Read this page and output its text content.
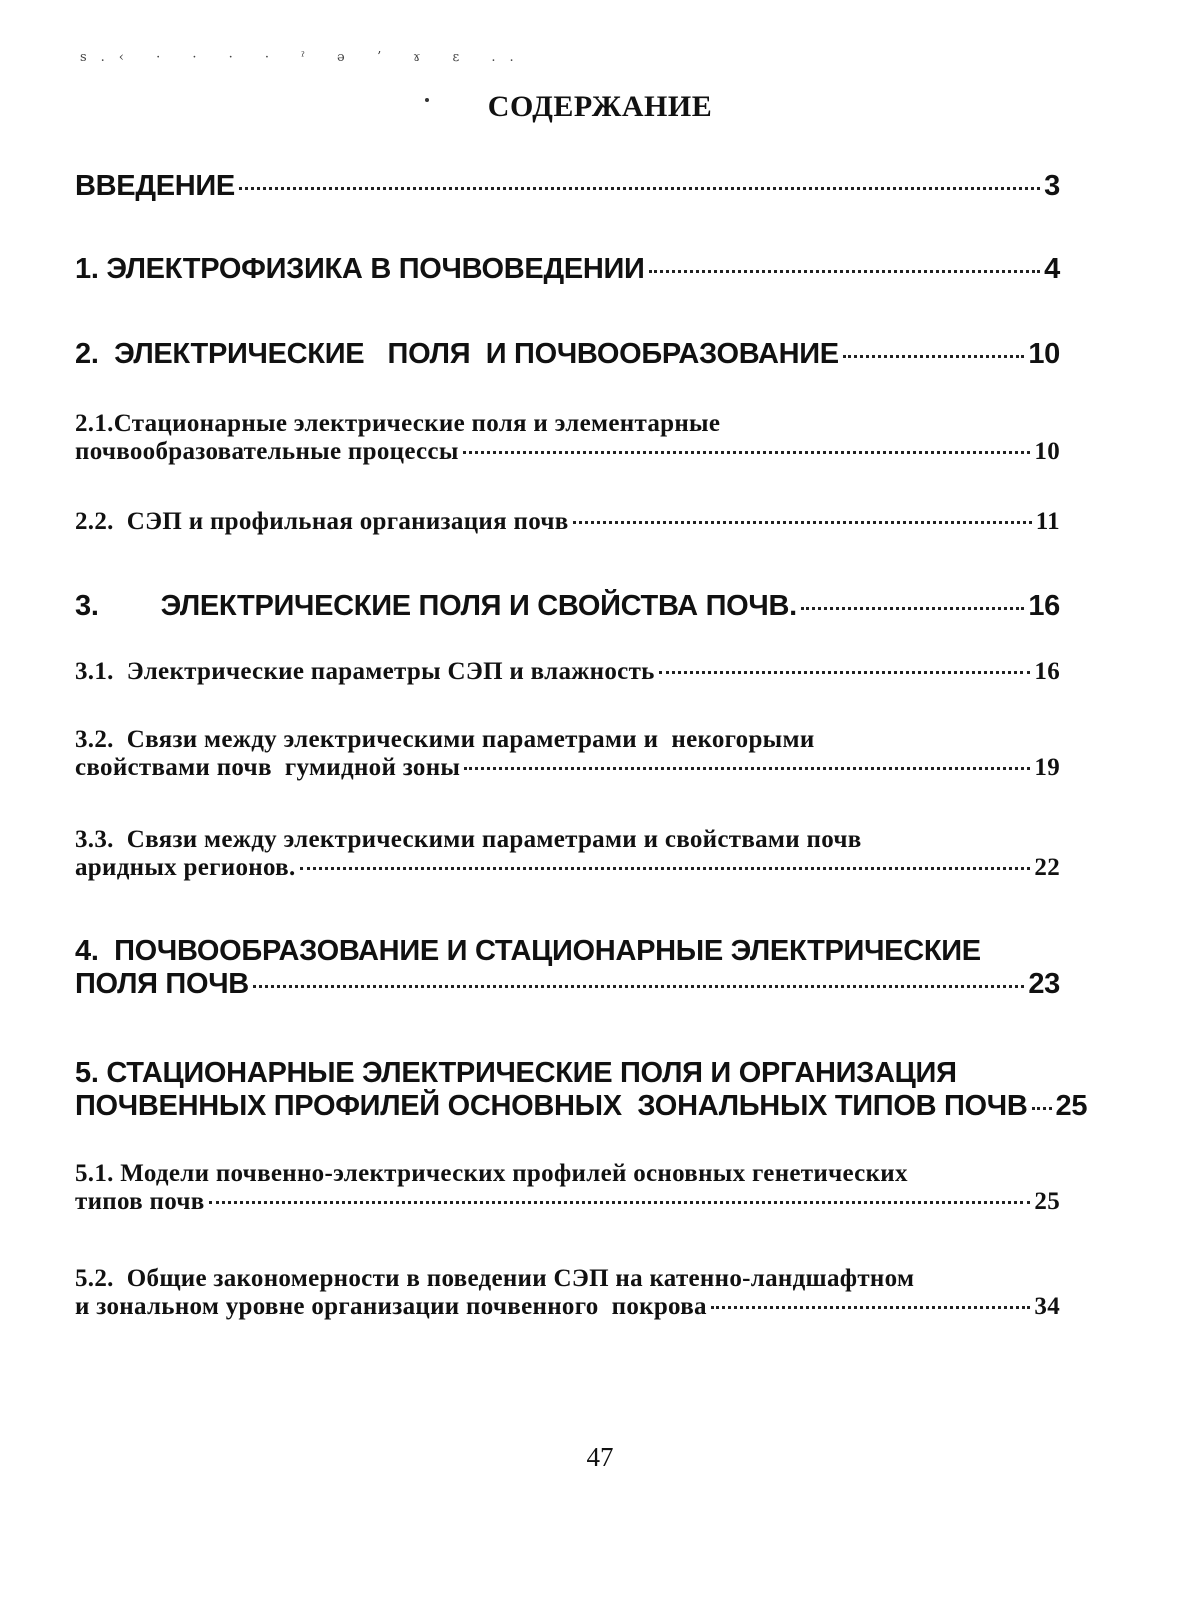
s.‹ · · · · ˀ ǝ ʼ ɤ ε ..
СОДЕРЖАНИЕ
ВВЕДЕНИЕ	3
1. ЭЛЕКТРОФИЗИКА В ПОЧВОВЕДЕНИИ	4
2.  ЭЛЕКТРИЧЕСКИЕ   ПОЛЯ  И ПОЧВООБРАЗОВАНИЕ	10
2.1.Стационарные электрические поля и элементарные
почвообразовательные процессы	10
2.2.  СЭП и профильная организация почв	11
3. ЭЛЕКТРИЧЕСКИЕ ПОЛЯ И СВОЙСТВА ПОЧВ.	16
3.1.  Электрические параметры СЭП и влажность	16
3.2.  Связи между электрическими параметрами и  некогорыми
свойствами почв  гумидной зоны	19
3.3.  Связи между электрическими параметрами и свойствами почв
аридных регионов.	22
4.  ПОЧВООБРАЗОВАНИЕ И СТАЦИОНАРНЫЕ ЭЛЕКТРИЧЕСКИЕ
ПОЛЯ ПОЧВ	23
5. СТАЦИОНАРНЫЕ ЭЛЕКТРИЧЕСКИЕ ПОЛЯ И ОРГАНИЗАЦИЯ
ПОЧВЕННЫХ ПРОФИЛЕЙ ОСНОВНЫХ  ЗОНАЛЬНЫХ ТИПОВ ПОЧВ 25
5.1. Модели почвенно-электрических профилей основных генетических
типов почв	25
5.2.  Общие закономерности в поведении СЭП на катенно-ландшафтном
и зональном уровне организации почвенного  покрова	34
47
